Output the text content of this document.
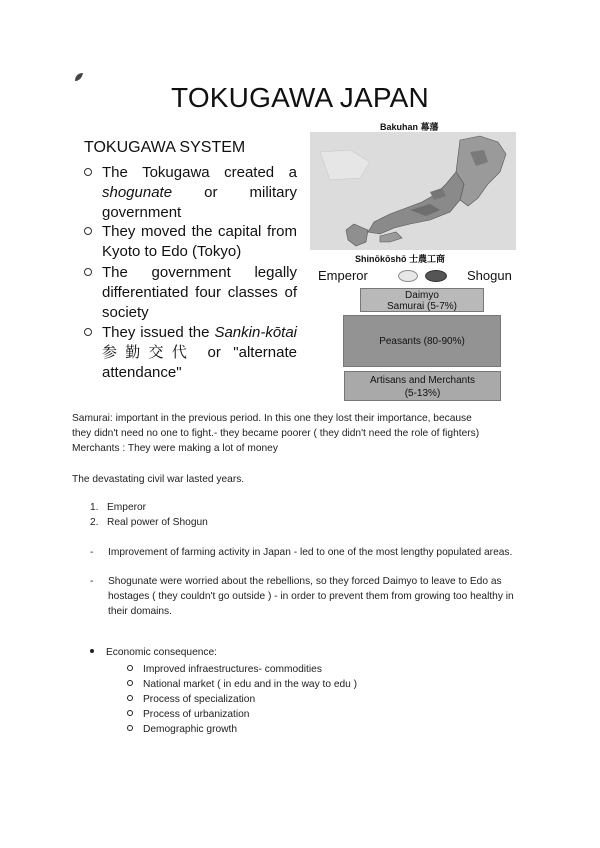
TOKUGAWA JAPAN
TOKUGAWA SYSTEM
The Tokugawa created a shogunate or military government
They moved the capital from Kyoto to Edo (Tokyo)
The government legally differentiated four classes of society
They issued the Sankin-kōtai参勤交代 or "alternate attendance"
Bakuhan 幕藩
Shinōkōshō 士農工商
Emperor	Shogun
Daimyo
Samurai (5-7%)
Peasants (80-90%)
Artisans and Merchants
(5-13%)
Samurai: important in the previous period. In this one they lost their importance, because
they didn't need no one to fight.- they became poorer ( they didn't need the role of fighters)
Merchants : They were making a lot of money
The devastating civil war lasted years.
1.   Emperor
2.   Real power of Shogun
- Improvement of farming activity in Japan - led to one of the most lengthy populated areas.
- Shogunate were worried about the rebellions, so they forced Daimyo to leave to Edo as hostages ( they couldn't go outside ) - in order to prevent them from growing too healthy in their domains.
Economic consequence:
Improved infraestructures- commodities
National market ( in edu and in the way to edu )
Process of specialization
Process of urbanization
Demographic growth
